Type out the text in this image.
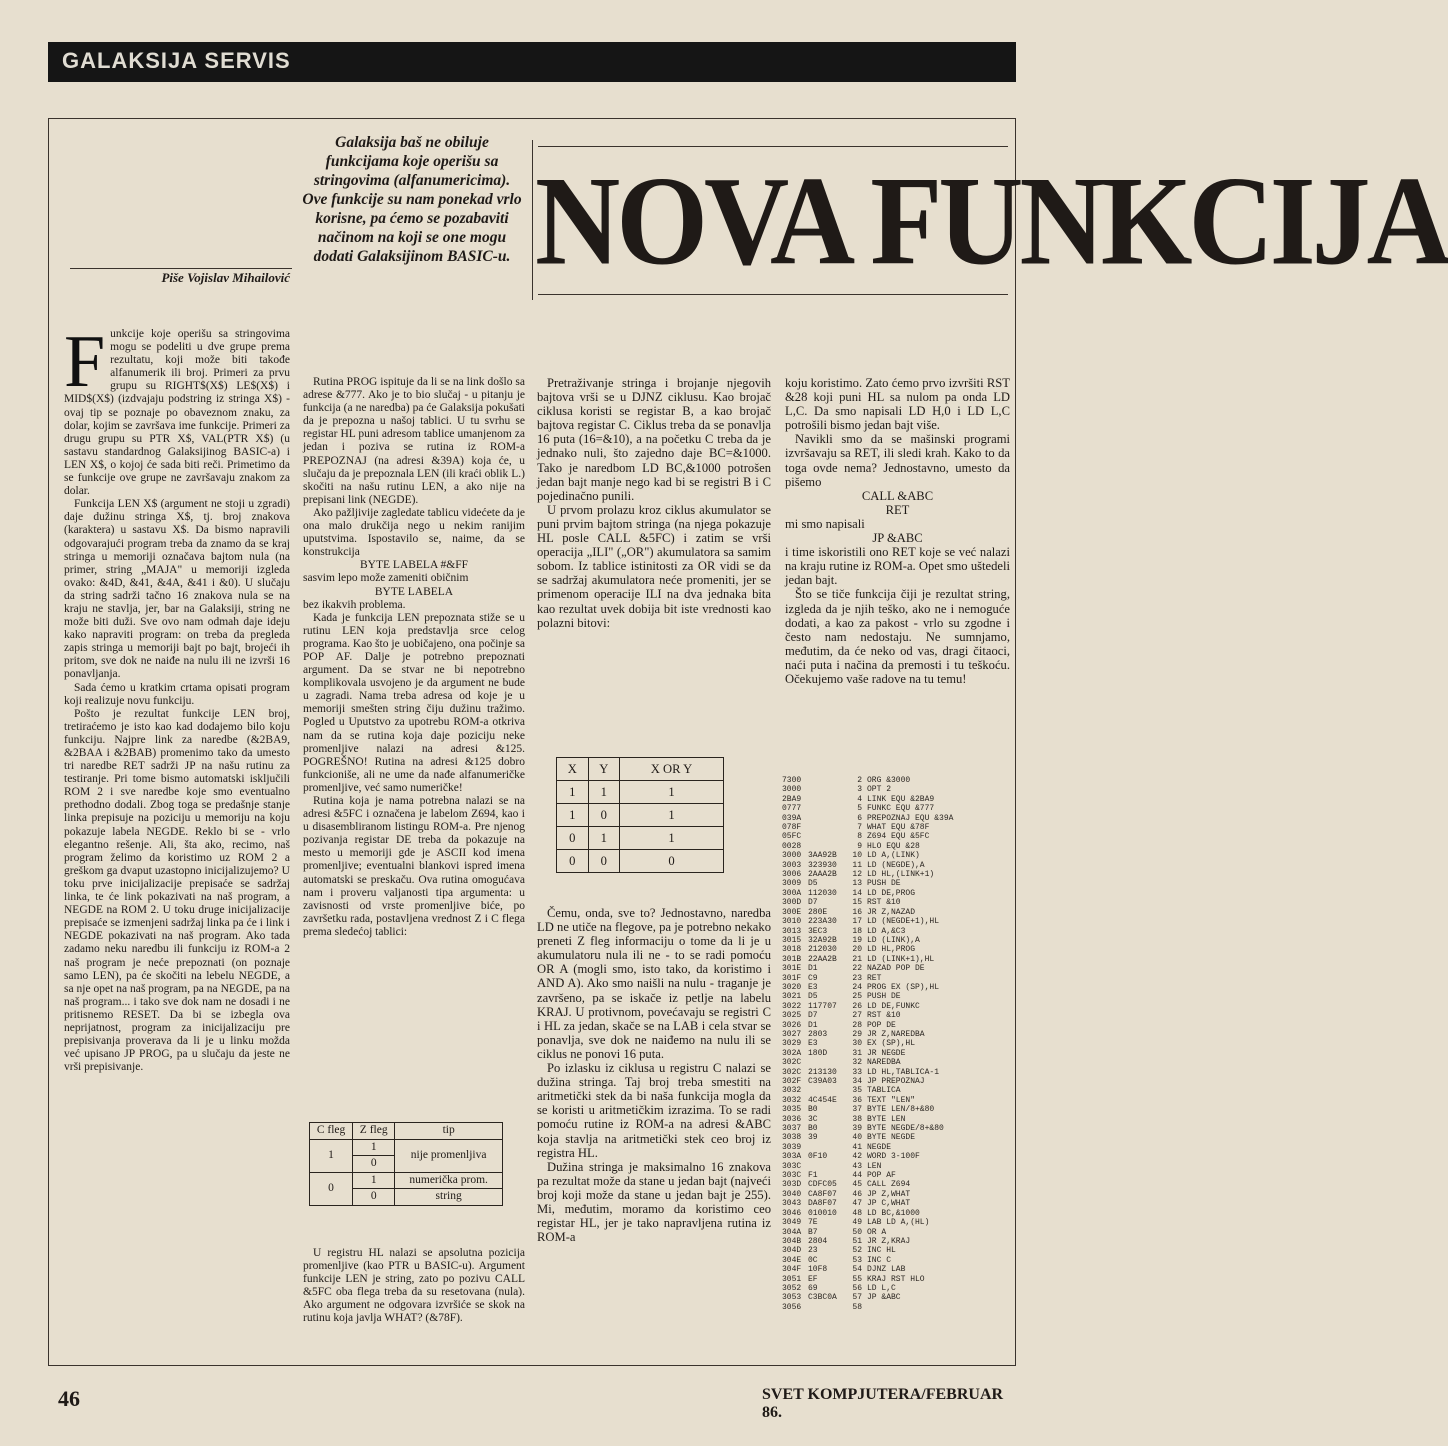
GALAKSIJA SERVIS
Piše Vojislav Mihailović
Galaksija baš ne obiluje funkcijama koje operišu sa stringovima (alfanumericima). Ove funkcije su nam ponekad vrlo korisne, pa ćemo se pozabaviti načinom na koji se one mogu dodati Galaksijinom BASIC-u. NOVA FUNKCIJA

Funkcije koje operišu sa stringovima mogu se podeliti u dve grupe prema rezultatu, koji može biti takođe alfanumerik ili broj. Primeri za prvu grupu su RIGHT$(X$) LE$(X$) i MID$(X$) (izdvajaju podstring iz stringa X$) - ovaj tip se poznaje po obaveznom znaku, za dolar, kojim se završava ime funkcije. Primeri za drugu grupu su PTR X$, VAL(PTR X$) (u sastavu standardnog Galaksijinog BASIC-a) i LEN X$, o kojoj će sada biti reči. Primetimo da se funkcije ove grupe ne završavaju znakom za dolar.

Funkcija LEN X$ (argument ne stoji u zgradi) daje dužinu stringa X$, tj. broj znakova (karaktera) u sastavu X$. Da bismo napravili odgovarajući program treba da znamo da se kraj stringa u memoriji označava bajtom nula (na primer, string „MAJA" u memoriji izgleda ovako: &4D, &41, &4A, &41 i &0). U slučaju da string sadrži tačno 16 znakova nula se na kraju ne stavlja, jer, bar na Galaksiji, string ne može biti duži. Sve ovo nam odmah daje ideju kako napraviti program: on treba da pregleda zapis stringa u memoriji bajt po bajt, brojeći ih pritom, sve dok ne naiđe na nulu ili ne izvrši 16 ponavljanja.

Sada ćemo u kratkim crtama opisati program koji realizuje novu funkciju.

Pošto je rezultat funkcije LEN broj, tretiraćemo je isto kao kad dodajemo bilo koju funkciju. Najpre link za naredbe (&2BA9, &2BAA i &2BAB) promenimo tako da umesto tri naredbe RET sadrži JP na našu rutinu za testiranje. Pri tome bismo automatski isključili ROM 2 i sve naredbe koje smo eventualno prethodno dodali. Zbog toga se predašnje stanje linka prepisuje na poziciju u memoriju na koju pokazuje labela NEGDE. Reklo bi se - vrlo elegantno rešenje. Ali, šta ako, recimo, naš program želimo da koristimo uz ROM 2 a greškom ga dvaput uzastopno inicijalizujemo? U toku prve inicijalizacije prepisaće se sadržaj linka, te će link pokazivati na naš program, a NEGDE na ROM 2. U toku druge inicijalizacije prepisaće se izmenjeni sadržaj linka pa će i link i NEGDE pokazivati na naš program. Ako tada zadamo neku naredbu ili funkciju iz ROM-a 2 naš program je neće prepoznati (on poznaje samo LEN), pa će skočiti na lebelu NEGDE, a sa nje opet na naš program, pa na NEGDE, pa na naš program... i tako sve dok nam ne dosadi i ne pritisnemo RESET. Da bi se izbegla ova neprijatnost, program za inicijalizaciju pre prepisivanja proverava da li je u linku možda već upisano JP PROG, pa u slučaju da jeste ne vrši prepisivanje.

Rutina PROG ispituje da li se na link došlo sa adrese &777. Ako je to bio slučaj - u pitanju je funkcija (a ne naredba) pa će Galaksija pokušati da je prepozna u našoj tablici. U tu svrhu se registar HL puni adresom tablice umanjenom za jedan i poziva se rutina iz ROM-a PREPOZNAJ (na adresi &39A) koja će, u slučaju da je prepoznala LEN (ili kraći oblik L.) skočiti na našu rutinu LEN, a ako nije na prepisani link (NEGDE).

Ako pažljivije zagledate tablicu videćete da je ona malo drukčija nego u nekim ranijim uputstvima. Ispostavilo se, naime, da se konstrukcija

BYTE LABELA #&FF

sasvim lepo može zameniti običnim

BYTE LABELA

bez ikakvih problema.

Kada je funkcija LEN prepoznata stiže se u rutinu LEN koja predstavlja srce celog programa. Kao što je uobičajeno, ona počinje sa POP AF. Dalje je potrebno prepoznati argument. Da se stvar ne bi nepotrebno komplikovala usvojeno je da argument ne bude u zagradi. Nama treba adresa od koje je u memoriji smešten string čiju dužinu tražimo. Pogled u Uputstvo za upotrebu ROM-a otkriva nam da se rutina koja daje poziciju neke promenljive nalazi na adresi &125. POGREŠNO! Rutina na adresi &125 dobro funkcioniše, ali ne ume da nađe alfanumeričke promenljive, već samo numeričke!

Rutina koja je nama potrebna nalazi se na adresi &5FC i označena je labelom Z694, kao i u disasembliranom listingu ROM-a. Pre njenog pozivanja registar DE treba da pokazuje na mesto u memoriji gde je ASCII kod imena promenljive; eventualni blankovi ispred imena automatski se preskaču. Ova rutina omogućava nam i proveru valjanosti tipa argumenta: u zavisnosti od vrste promenljive biće, po završetku rada, postavljena vrednost Z i C flega prema sledećoj tablici:

C fleg	Z fleg	tip
1	1	nije promenljiva
	0	
0	1	numerička prom.
	0	string

U registru HL nalazi se apsolutna pozicija promenljive (kao PTR u BASIC-u). Argument funkcije LEN je string, zato po pozivu CALL &5FC oba flega treba da su resetovana (nula). Ako argument ne odgovara izvršiće se skok na rutinu koja javlja WHAT? (&78F).

Pretraživanje stringa i brojanje njegovih bajtova vrši se u DJNZ ciklusu. Kao brojač ciklusa koristi se registar B, a kao brojač bajtova registar C. Ciklus treba da se ponavlja 16 puta (16=&10), a na početku C treba da je jednako nuli, što zajedno daje BC=&1000. Tako je naredbom LD BC,&1000 potrošen jedan bajt manje nego kad bi se registri B i C pojedinačno punili.

U prvom prolazu kroz ciklus akumulator se puni prvim bajtom stringa (na njega pokazuje HL posle CALL &5FC) i zatim se vrši operacija „ILI" („OR") akumulatora sa samim sobom. Iz tablice istinitosti za OR vidi se da se sadržaj akumulatora neće promeniti, jer se primenom operacije ILI na dva jednaka bita kao rezultat uvek dobija bit iste vrednosti kao polazni bitovi:

X	Y	X OR Y
1	1	1
1	0	1
0	1	1
0	0	0

Čemu, onda, sve to? Jednostavno, naredba LD ne utiče na flegove, pa je potrebno nekako preneti Z fleg informaciju o tome da li je u akumulatoru nula ili ne - to se radi pomoću OR A (mogli smo, isto tako, da koristimo i AND A). Ako smo naišli na nulu - traganje je završeno, pa se iskače iz petlje na labelu KRAJ. U protivnom, povećavaju se registri C i HL za jedan, skače se na LAB i cela stvar se ponavlja, sve dok ne naiđemo na nulu ili se ciklus ne ponovi 16 puta.

Po izlasku iz ciklusa u registru C nalazi se dužina stringa. Taj broj treba smestiti na aritmetički stek da bi naša funkcija mogla da se koristi u aritmetičkim izrazima. To se radi pomoću rutine iz ROM-a na adresi &ABC koja stavlja na aritmetički stek ceo broj iz registra HL.

Dužina stringa je maksimalno 16 znakova pa rezultat može da stane u jedan bajt (najveći broj koji može da stane u jedan bajt je 255). Mi, međutim, moramo da koristimo ceo registar HL, jer je tako napravljena rutina iz ROM-a

koju koristimo. Zato ćemo prvo izvršiti RST &28 koji puni HL sa nulom pa onda LD L,C. Da smo napisali LD H,0 i LD L,C potrošili bismo jedan bajt više.

Navikli smo da se mašinski programi izvršavaju sa RET, ili sledi krah. Kako to da toga ovde nema? Jednostavno, umesto da pišemo

CALL &ABC
RET

mi smo napisali

JP &ABC

i time iskoristili ono RET koje se već nalazi na kraju rutine iz ROM-a. Opet smo uštedeli jedan bajt.

Što se tiče funkcija čiji je rezultat string, izgleda da je njih teško, ako ne i nemoguće dodati, a kao za pakost - vrlo su zgodne i često nam nedostaju. Ne sumnjamo, međutim, da će neko od vas, dragi čitaoci, naći puta i načina da premosti i tu teškoću. Očekujemo vaše radove na tu temu!

7300	2 ORG &3000
3000	3 OPT 2
2BA9	4 LINK EQU &2BA9
0777	5 FUNKC EQU &777
039A	6 PREPOZNAJ EQU &39A
078F	7 WHAT EQU &78F
05FC	8 Z694 EQU &5FC
0028	9 HLO EQU &28
3000 3AA92B 10 LD A,(LINK)
3003 323930 11 LD (NEGDE),A
3006 2AAA2B 12 LD HL,(LINK+1)
3009 D5	13 PUSH DE
300A 112030 14 LD DE,PROG
300D D7	15 RST &10
300E 280E	16 JR Z,NAZAD
3010 223A30 17 LD (NEGDE+1),HL
3013 3EC3	18 LD A,&C3
3015 32A92B 19 LD (LINK),A
3018 212030 20 LD HL,PROG
301B 22AA2B 21 LD (LINK+1),HL
301E D1	22 NAZAD POP DE
301F C9	23 RET
3020 E3	24 PROG EX (SP),HL
3021 D5	25 PUSH DE
3022 117707 26 LD DE,FUNKC
3025 D7	27 RST &10
3026 D1	28 POP DE
3027 2803	29 JR Z,NAREDBA
3029 E3	30 EX (SP),HL
302A 180D	31 JR NEGDE
302C	32 NAREDBA
302C 213130 33 LD HL,TABLICA-1
302F C39A03 34 JP PREPOZNAJ
3032	35 TABLICA
3032 4C454E 36 TEXT "LEN"
3035 B0	37 BYTE LEN/8+&80
3036 3C	38 BYTE LEN
3037 B0	39 BYTE NEGDE/8+&80
3038 39	40 BYTE NEGDE
3039	41 NEGDE
303A 0F10	42 WORD 3-100F
303C	43 LEN
303C F1	44 POP AF
303D CDFC05 45 CALL Z694
3040 CA8F07 46 JP Z,WHAT
3043 DA8F07 47 JP C,WHAT
3046 010010 48 LD BC,&1000
3049 7E	49 LAB LD A,(HL)
304A B7	50 OR A
304B 2804	51 JR Z,KRAJ
304D 23	52 INC HL
304E 0C	53 INC C
304F 10F8	54 DJNZ LAB
3051 EF	55 KRAJ RST HLO
3052 69	56 LD L,C
3053 C3BC0A 57 JP &ABC
3056	58
46	SVET KOMPJUTERA/FEBRUAR 86.
